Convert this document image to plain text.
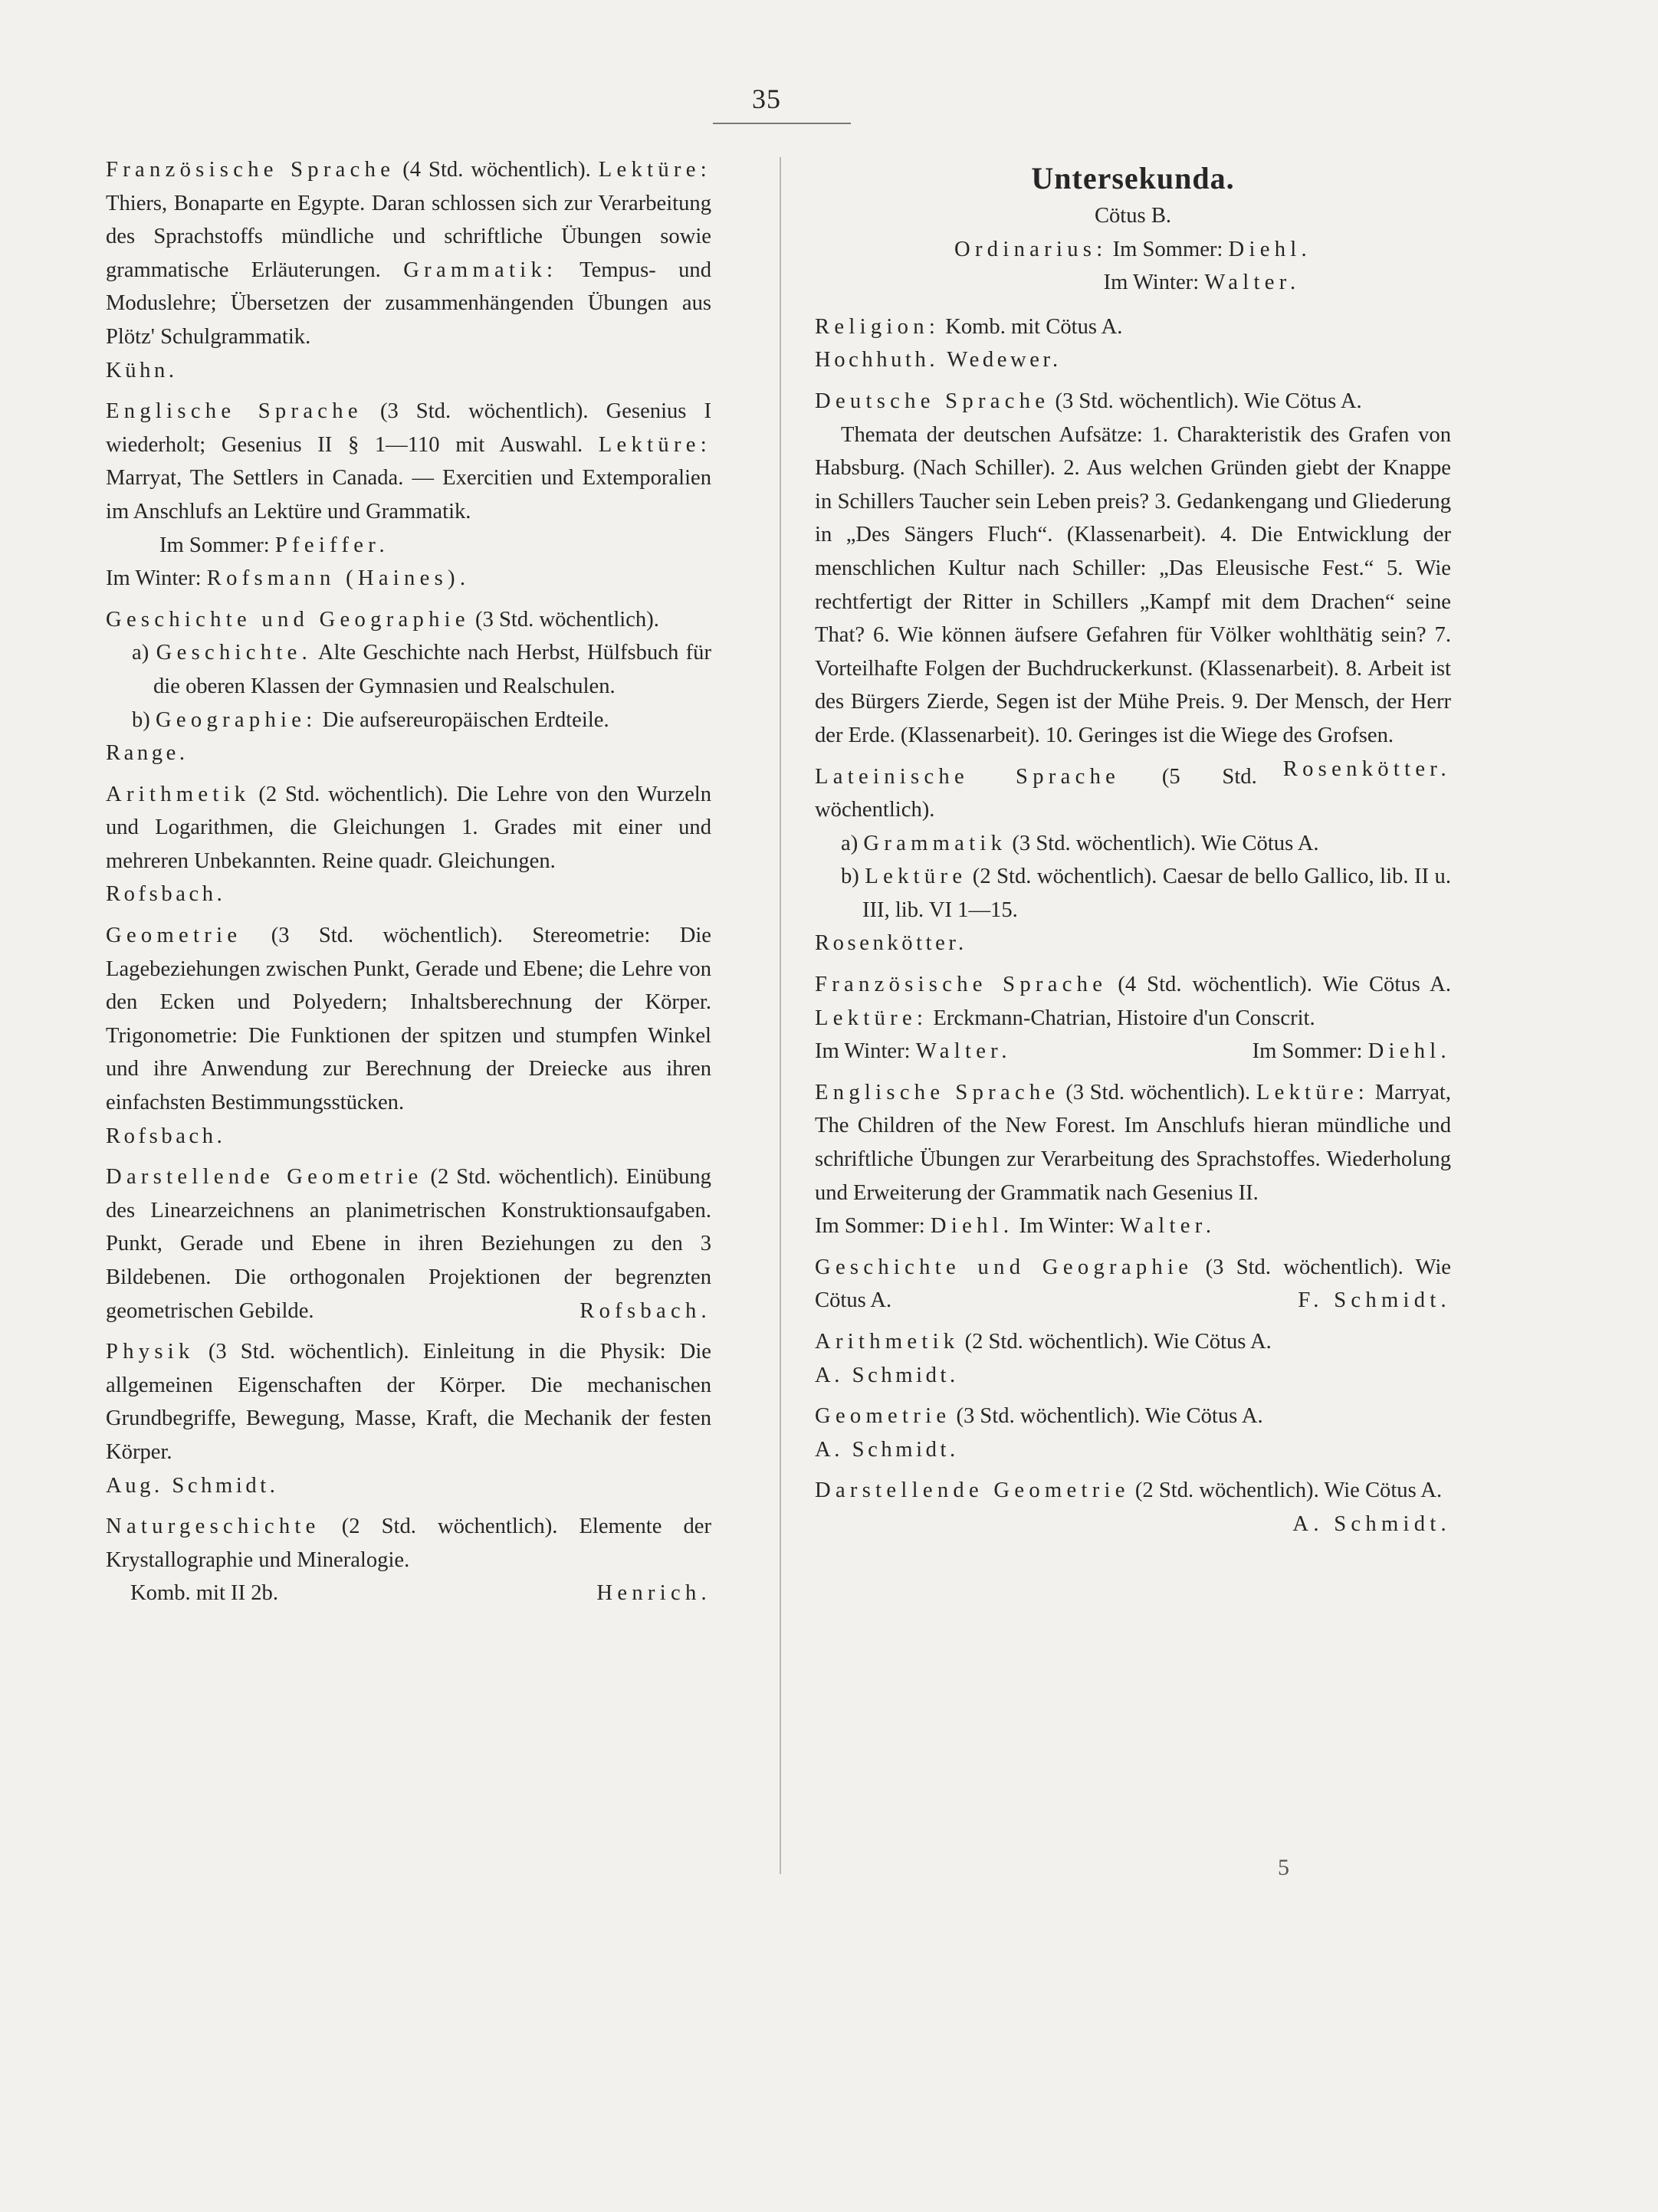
35

Französische Sprache (4 Std. wöchentlich). Lektüre: Thiers, Bonaparte en Egypte. Daran schlossen sich zur Verarbeitung des Sprachstoffs mündliche und schriftliche Übungen sowie grammatische Erläuterungen. Grammatik: Tempus- und Moduslehre; Übersetzen der zusammenhängenden Übungen aus Plötz' Schulgrammatik.

Kühn.

Englische Sprache (3 Std. wöchentlich). Gesenius I wiederholt; Gesenius II § 1—110 mit Auswahl. Lektüre: Marryat, The Settlers in Canada. — Exercitien und Extemporalien im Anschlufs an Lektüre und Grammatik.

Im Sommer: Pfeiffer.

Im Winter: Rofsmann (Haines).

Geschichte und Geographie (3 Std. wöchentlich).

a) Geschichte. Alte Geschichte nach Herbst, Hülfsbuch für die oberen Klassen der Gymnasien und Realschulen.

b) Geographie: Die aufsereuropäischen Erdteile.

Range.

Arithmetik (2 Std. wöchentlich). Die Lehre von den Wurzeln und Logarithmen, die Gleichungen 1. Grades mit einer und mehreren Unbekannten. Reine quadr. Gleichungen.

Rofsbach.

Geometrie (3 Std. wöchentlich). Stereometrie: Die Lagebeziehungen zwischen Punkt, Gerade und Ebene; die Lehre von den Ecken und Polyedern; Inhaltsberechnung der Körper. Trigonometrie: Die Funktionen der spitzen und stumpfen Winkel und ihre Anwendung zur Berechnung der Dreiecke aus ihren einfachsten Bestimmungsstücken.

Rofsbach.

Darstellende Geometrie (2 Std. wöchentlich). Einübung des Linearzeichnens an planimetrischen Konstruktionsaufgaben. Punkt, Gerade und Ebene in ihren Beziehungen zu den 3 Bildebenen. Die orthogonalen Projektionen der begrenzten geometrischen Gebilde.	Rofsbach.

Physik (3 Std. wöchentlich). Einleitung in die Physik: Die allgemeinen Eigenschaften der Körper. Die mechanischen Grundbegriffe, Bewegung, Masse, Kraft, die Mechanik der festen Körper.

Aug. Schmidt.

Naturgeschichte (2 Std. wöchentlich). Elemente der Krystallographie und Mineralogie.

Komb. mit II 2b.	Henrich.

Untersekunda.

Cötus B.

Ordinarius: Im Sommer: Diehl.

Im Winter: Walter.

Religion: Komb. mit Cötus A.

Hochhuth. Wedewer.

Deutsche Sprache (3 Std. wöchentlich). Wie Cötus A.

Themata der deutschen Aufsätze: 1. Charakteristik des Grafen von Habsburg. (Nach Schiller). 2. Aus welchen Gründen giebt der Knappe in Schillers Taucher sein Leben preis? 3. Gedankengang und Gliederung in „Des Sängers Fluch“. (Klassenarbeit). 4. Die Entwicklung der menschlichen Kultur nach Schiller: „Das Eleusische Fest.“ 5. Wie rechtfertigt der Ritter in Schillers „Kampf mit dem Drachen“ seine That? 6. Wie können äufsere Gefahren für Völker wohlthätig sein? 7. Vorteilhafte Folgen der Buchdruckerkunst. (Klassenarbeit). 8. Arbeit ist des Bürgers Zierde, Segen ist der Mühe Preis. 9. Der Mensch, der Herr der Erde. (Klassenarbeit). 10. Geringes ist die Wiege des Grofsen.
Rosenkötter.

Lateinische Sprache (5 Std. wöchentlich).

a) Grammatik (3 Std. wöchentlich). Wie Cötus A.

b) Lektüre (2 Std. wöchentlich). Caesar de bello Gallico, lib. II u. III, lib. VI 1—15.

Rosenkötter.

Französische Sprache (4 Std. wöchentlich). Wie Cötus A. Lektüre: Erckmann-Chatrian, Histoire d'un Conscrit.
Im Sommer: Diehl.

Im Winter: Walter.

Englische Sprache (3 Std. wöchentlich). Lektüre: Marryat, The Children of the New Forest. Im Anschlufs hieran mündliche und schriftliche Übungen zur Verarbeitung des Sprachstoffes. Wiederholung und Erweiterung der Grammatik nach Gesenius II.

Im Sommer: Diehl. Im Winter: Walter.

Geschichte und Geographie (3 Std. wöchentlich). Wie Cötus A.	F. Schmidt.

Arithmetik (2 Std. wöchentlich). Wie Cötus A.

A. Schmidt.

Geometrie (3 Std. wöchentlich). Wie Cötus A.

A. Schmidt.

Darstellende Geometrie (2 Std. wöchentlich). Wie Cötus A.
A. Schmidt.

5
